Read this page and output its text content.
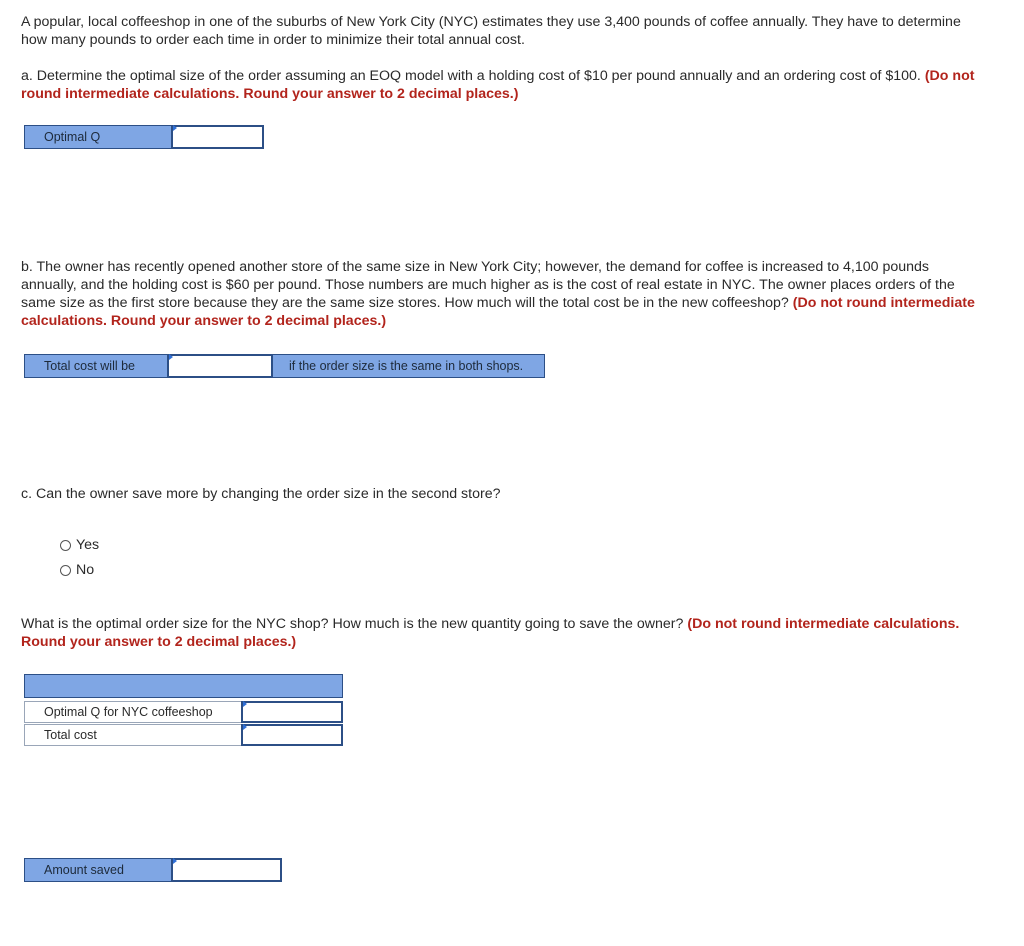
A popular, local coffeeshop in one of the suburbs of New York City (NYC) estimates they use 3,400 pounds of coffee annually. They have to determine how many pounds to order each time in order to minimize their total annual cost.

a. Determine the optimal size of the order assuming an EOQ model with a holding cost of $10 per pound annually and an ordering cost of $100. (Do not round intermediate calculations. Round your answer to 2 decimal places.)

Optimal Q

b. The owner has recently opened another store of the same size in New York City; however, the demand for coffee is increased to 4,100 pounds annually, and the holding cost is $60 per pound. Those numbers are much higher as is the cost of real estate in NYC. The owner places orders of the same size as the first store because they are the same size stores. How much will the total cost be in the new coffeeshop? (Do not round intermediate calculations. Round your answer to 2 decimal places.)

Total cost will be	if the order size is the same in both shops.

c. Can the owner save more by changing the order size in the second store?

Yes
No

What is the optimal order size for the NYC shop? How much is the new quantity going to save the owner? (Do not round intermediate calculations. Round your answer to 2 decimal places.)

Optimal Q for NYC coffeeshop
Total cost
Amount saved
